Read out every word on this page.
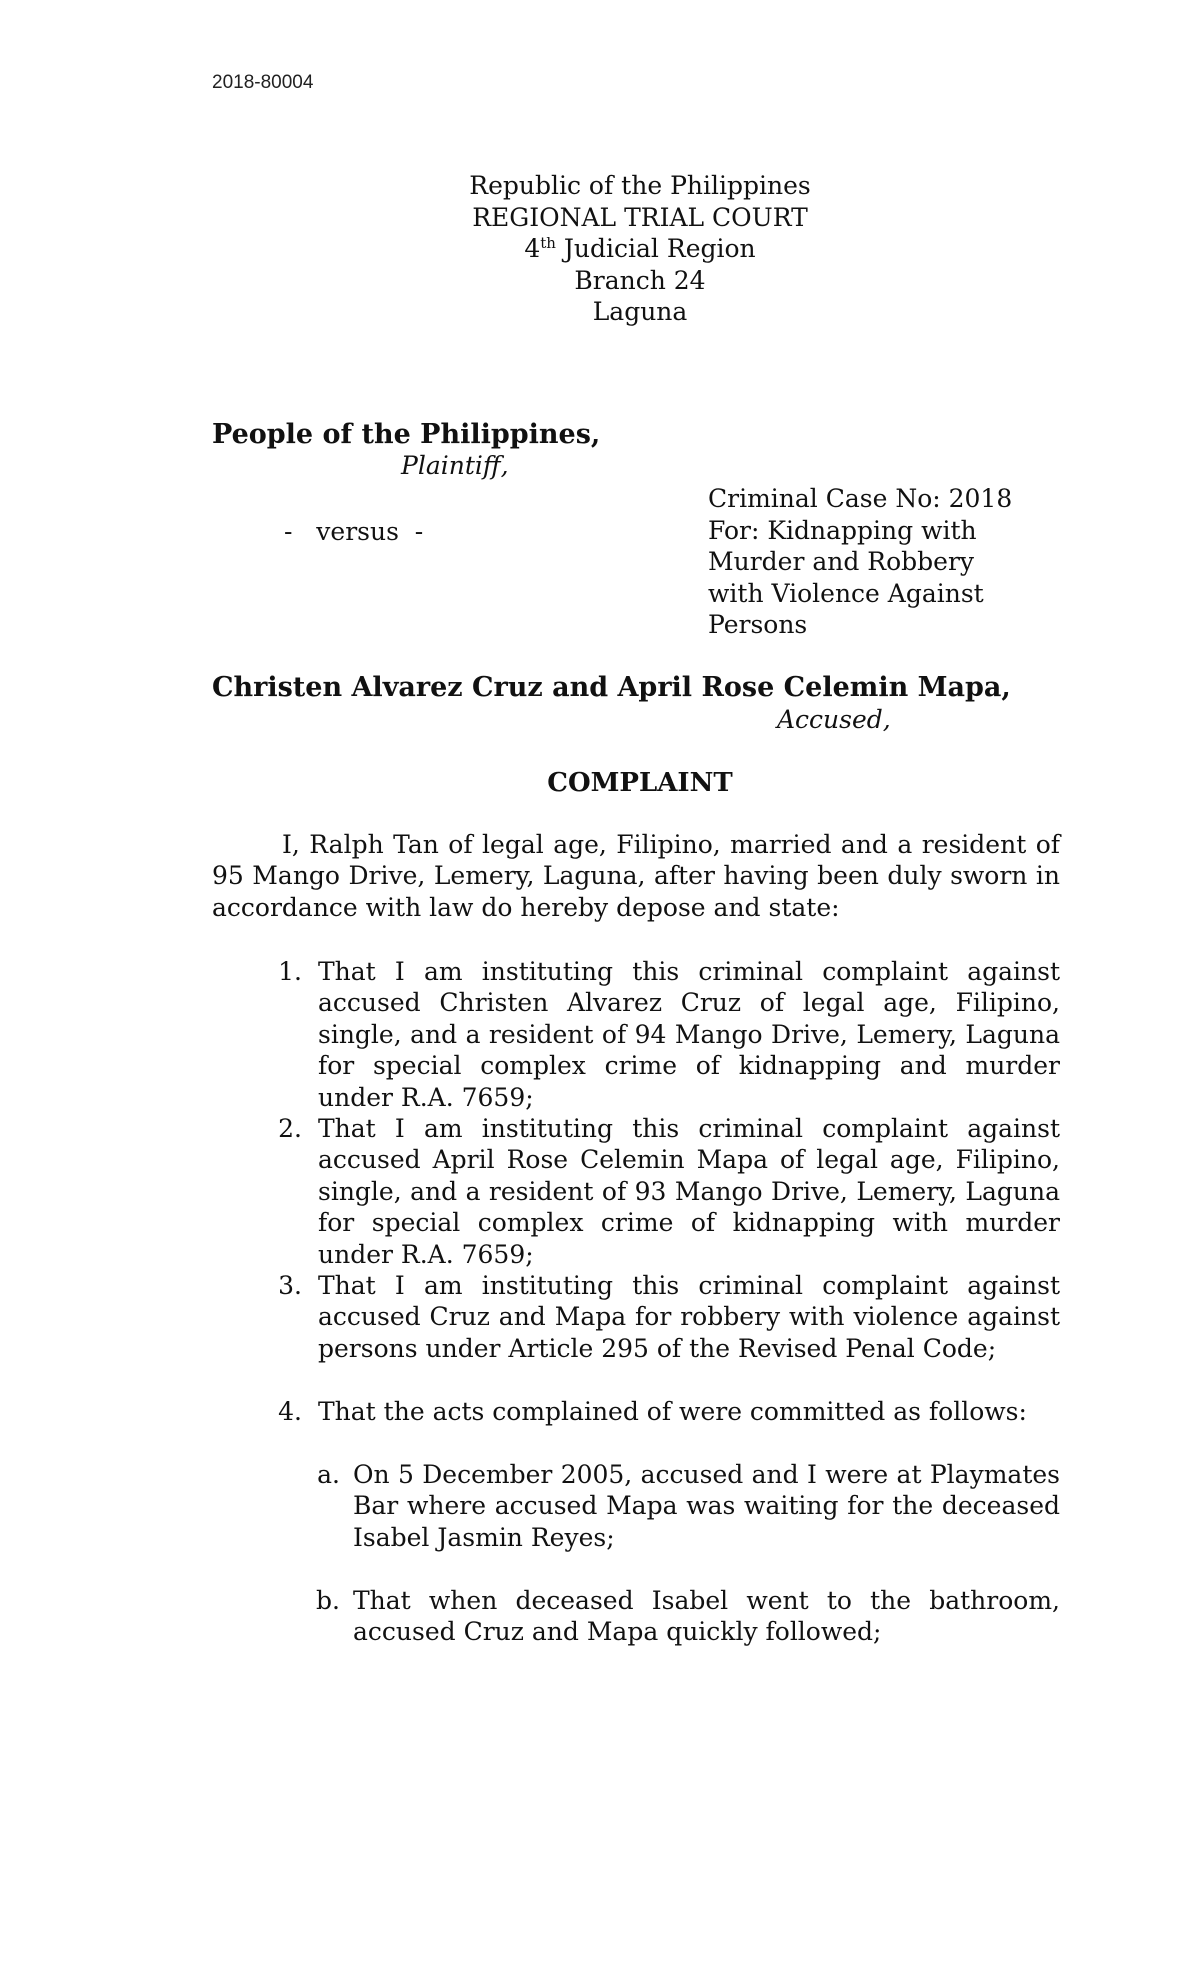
2018-80004
Republic of the Philippines
REGIONAL TRIAL COURT
4th Judicial Region
Branch 24
Laguna
People of the Philippines,
Plaintiff,
Criminal Case No: 2018
For: Kidnapping with
Murder and Robbery
with Violence Against
Persons
-   versus  -
Christen Alvarez Cruz and April Rose Celemin Mapa,
Accused,
COMPLAINT
I, Ralph Tan of legal age, Filipino, married and a resident of 95 Mango Drive, Lemery, Laguna, after having been duly sworn in accordance with law do hereby depose and state:
1. That I am instituting this criminal complaint against accused Christen Alvarez Cruz of legal age, Filipino, single, and a resident of 94 Mango Drive, Lemery, Laguna for special complex crime of kidnapping and murder under R.A. 7659;
2. That I am instituting this criminal complaint against accused April Rose Celemin Mapa of legal age, Filipino, single, and a resident of 93 Mango Drive, Lemery, Laguna for special complex crime of kidnapping with murder under R.A. 7659;
3. That I am instituting this criminal complaint against accused Cruz and Mapa for robbery with violence against persons under Article 295 of the Revised Penal Code;
4. That the acts complained of were committed as follows:
a. On 5 December 2005, accused and I were at Playmates Bar where accused Mapa was waiting for the deceased Isabel Jasmin Reyes;
b. That when deceased Isabel went to the bathroom, accused Cruz and Mapa quickly followed;
